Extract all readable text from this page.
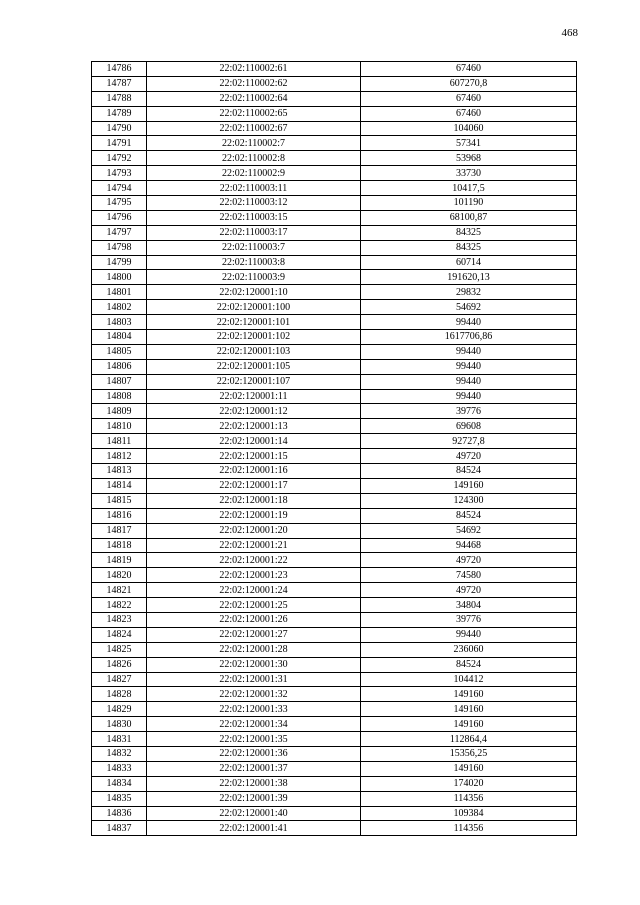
468
14786	22:02:110002:61	67460
14787	22:02:110002:62	607270,8
14788	22:02:110002:64	67460
14789	22:02:110002:65	67460
14790	22:02:110002:67	104060
14791	22:02:110002:7	57341
14792	22:02:110002:8	53968
14793	22:02:110002:9	33730
14794	22:02:110003:11	10417,5
14795	22:02:110003:12	101190
14796	22:02:110003:15	68100,87
14797	22:02:110003:17	84325
14798	22:02:110003:7	84325
14799	22:02:110003:8	60714
14800	22:02:110003:9	191620,13
14801	22:02:120001:10	29832
14802	22:02:120001:100	54692
14803	22:02:120001:101	99440
14804	22:02:120001:102	1617706,86
14805	22:02:120001:103	99440
14806	22:02:120001:105	99440
14807	22:02:120001:107	99440
14808	22:02:120001:11	99440
14809	22:02:120001:12	39776
14810	22:02:120001:13	69608
14811	22:02:120001:14	92727,8
14812	22:02:120001:15	49720
14813	22:02:120001:16	84524
14814	22:02:120001:17	149160
14815	22:02:120001:18	124300
14816	22:02:120001:19	84524
14817	22:02:120001:20	54692
14818	22:02:120001:21	94468
14819	22:02:120001:22	49720
14820	22:02:120001:23	74580
14821	22:02:120001:24	49720
14822	22:02:120001:25	34804
14823	22:02:120001:26	39776
14824	22:02:120001:27	99440
14825	22:02:120001:28	236060
14826	22:02:120001:30	84524
14827	22:02:120001:31	104412
14828	22:02:120001:32	149160
14829	22:02:120001:33	149160
14830	22:02:120001:34	149160
14831	22:02:120001:35	112864,4
14832	22:02:120001:36	15356,25
14833	22:02:120001:37	149160
14834	22:02:120001:38	174020
14835	22:02:120001:39	114356
14836	22:02:120001:40	109384
14837	22:02:120001:41	114356
